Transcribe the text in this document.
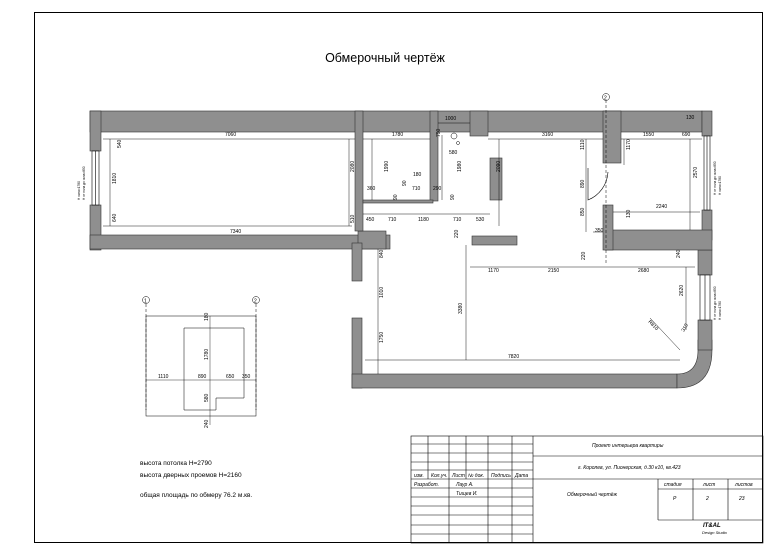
Обмерочный чертёж
2
1	2
7060	1780
1000
3160	1550	690
130
450	710	1180	710	530
7340
2240
350
1170	2150	2680
7820
R810
540
1810
640
2080	1990
790
580
1980	2090
1110	1170
890
850
2570
130
510
840
1010
1750
3380
2620
220
220	240
310
360
180
710	290
90
90
90
H окна=1780 H от пола до окна=850	H от пола до окна=850 H окна=1780
H от пола до окна=850 H окна=1780
1110	890	650 350
1780
180
580
240
высота потолка H=2790
высота дверных проемов H=2160
общая площадь по обмеру 76.2 м.кв.
Проект интерьера квартиры
г. Королев, ул. Пионерская, д.30 к10, кв.423
изм. Кол.уч. Лист № док. Подпись Дата
Разработ.	Лаур А.
Тищев И.	Обмерочный чертёж
стадия	лист	листов
Р	2	23
IT&AL
Design Studio
